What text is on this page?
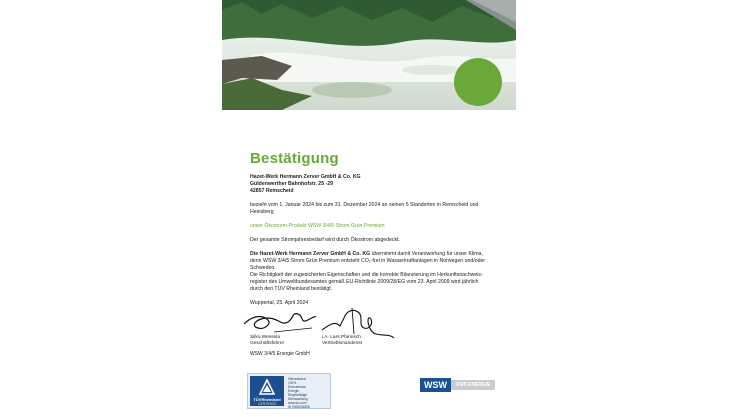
Bestätigung
Hazet-Werk Hermann Zerver GmbH & Co. KG
Güldenwerther Bahnhofstr. 25 -29
42857 Remscheid
bezieht vom 1. Januar 2024 bis zum 31. Dezember 2024 an seinen 5 Standorten in Remscheid und Heinsberg
unser Ökostrom-Produkt WSW 3/4/5 Strom Grün Premium
Der gesamte Stromjahresbedarf wird durch Ökostrom abgedeckt.
Die Hazet-Werk Hermann Zerver GmbH & Co. KG übernimmt damit Verantwortung für unser Klima, denn WSW 3/4/5 Strom Grün Premium entsteht CO₂-frei in Wasserkraftanlagen in Norwegen und/oder Schweden.
Die Richtigkeit der zugesicherten Eigenschaften und die korrekte Bilanzierung im Herkunftsnachweis-register des Umweltbundesamtes gemäß EU-Richtlinie 2009/28/EG vom 23. April 2009 wird jährlich durch den TÜV Rheinland bestätigt.
Wuppertal, 25. April 2024
Silko Wessela
Geschäftsführer
i.A. Lars Pfannsch
Vertriebsmandenst
WSW 3/4/5 Energie GmbH
TÜVRheinland
CERTIFIED
Klimaneutral
100%
Erneuerbare
Energie
Regelmäßige
Überwachung
www.tuv.com
ID 0000046396
WSW	3/4/5 ENERGIE
